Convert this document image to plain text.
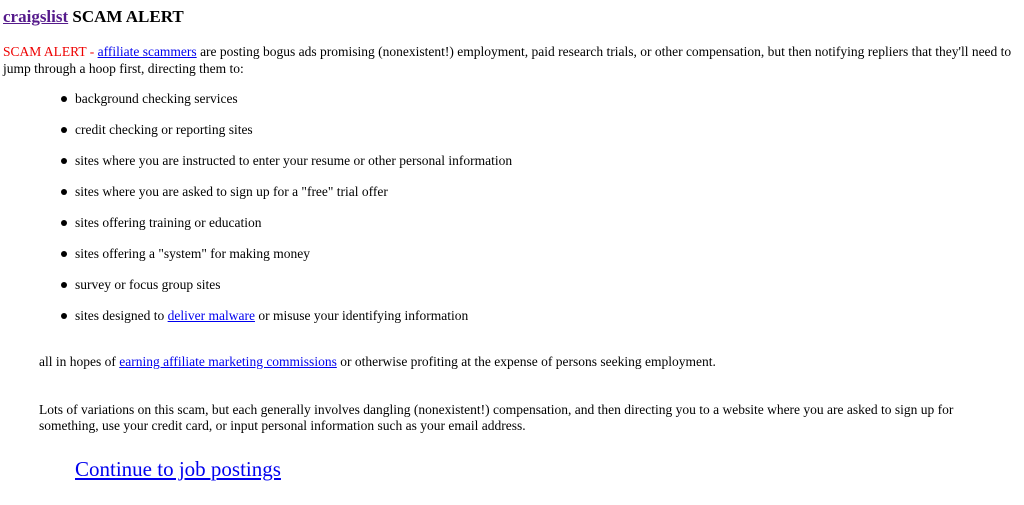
craigslist SCAM ALERT
SCAM ALERT - affiliate scammers are posting bogus ads promising (nonexistent!) employment, paid research trials, or other compensation, but then notifying repliers that they'll need to jump through a hoop first, directing them to:
background checking services
credit checking or reporting sites
sites where you are instructed to enter your resume or other personal information
sites where you are asked to sign up for a "free" trial offer
sites offering training or education
sites offering a "system" for making money
survey or focus group sites
sites designed to deliver malware or misuse your identifying information
all in hopes of earning affiliate marketing commissions or otherwise profiting at the expense of persons seeking employment.
Lots of variations on this scam, but each generally involves dangling (nonexistent!) compensation, and then directing you to a website where you are asked to sign up for something, use your credit card, or input personal information such as your email address.
Continue to job postings
